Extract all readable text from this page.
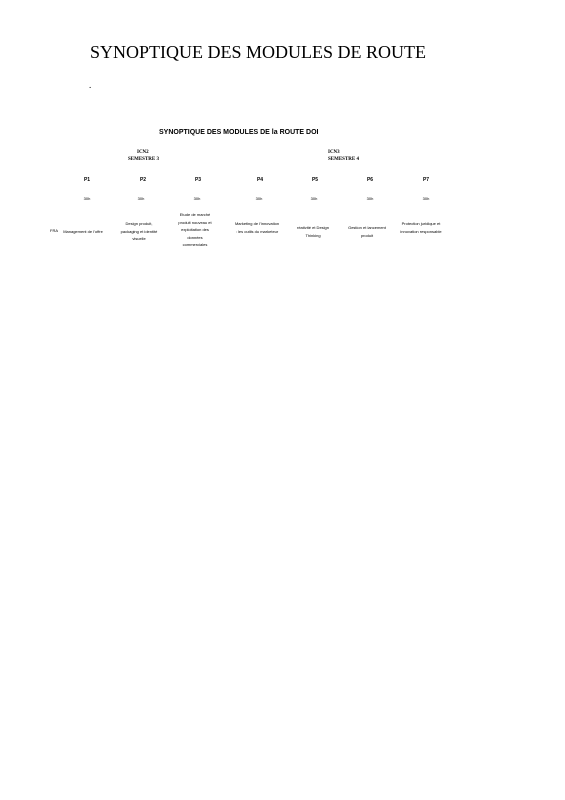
SYNOPTIQUE DES MODULES DE ROUTE
.
SYNOPTIQUE DES MODULES DE la ROUTE DOI
ICN2
SEMESTRE 3
ICN3
SEMESTRE 4
FRA
P1
30h
Management de l'offre
P2
30h
Design produit, packaging et identité visuelle
P3
30h
Etude de marché produit nouveau et exploitation des données commerciales
P4
30h
Marketing de l'innovation : les outils du marketeur
P5
30h
réativité et Design Thinking
P6
30h
Gestion et lancement produit
P7
30h
Protection juridique et innovation responsable
